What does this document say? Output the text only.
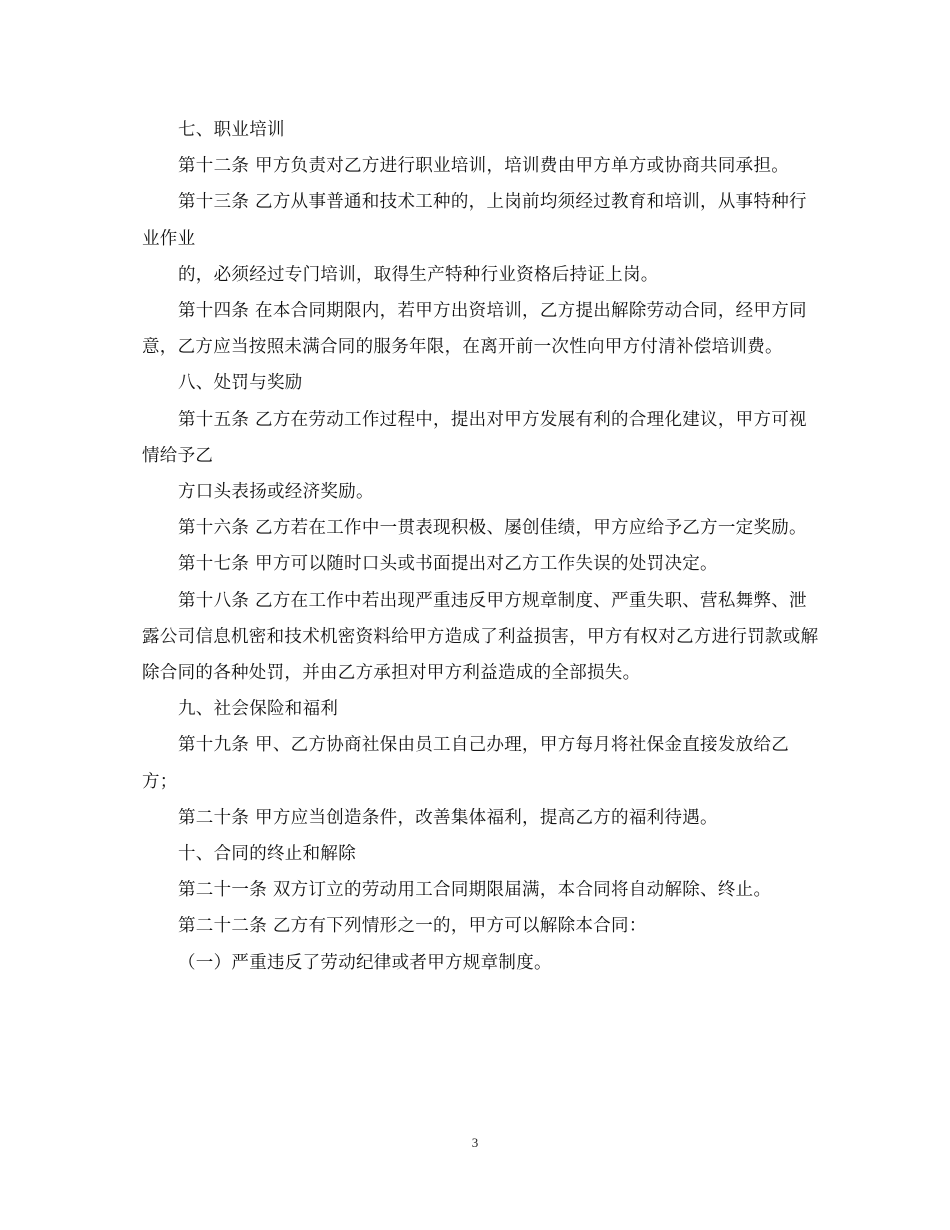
七、职业培训

第十二条 甲方负责对乙方进行职业培训，培训费由甲方单方或协商共同承担。

第十三条 乙方从事普通和技术工种的，上岗前均须经过教育和培训，从事特种行业作业

的，必须经过专门培训，取得生产特种行业资格后持证上岗。

第十四条 在本合同期限内，若甲方出资培训，乙方提出解除劳动合同，经甲方同意，乙方应当按照未满合同的服务年限，在离开前一次性向甲方付清补偿培训费。

八、处罚与奖励

第十五条 乙方在劳动工作过程中，提出对甲方发展有利的合理化建议，甲方可视情给予乙

方口头表扬或经济奖励。

第十六条 乙方若在工作中一贯表现积极、屡创佳绩，甲方应给予乙方一定奖励。

第十七条 甲方可以随时口头或书面提出对乙方工作失误的处罚决定。

第十八条 乙方在工作中若出现严重违反甲方规章制度、严重失职、营私舞弊、泄露公司信息机密和技术机密资料给甲方造成了利益损害，甲方有权对乙方进行罚款或解除合同的各种处罚，并由乙方承担对甲方利益造成的全部损失。

九、社会保险和福利

第十九条 甲、乙方协商社保由员工自己办理，甲方每月将社保金直接发放给乙方；

第二十条 甲方应当创造条件，改善集体福利，提高乙方的福利待遇。

十、合同的终止和解除

第二十一条 双方订立的劳动用工合同期限届满，本合同将自动解除、终止。

第二十二条 乙方有下列情形之一的，甲方可以解除本合同：

（一）严重违反了劳动纪律或者甲方规章制度。

3
